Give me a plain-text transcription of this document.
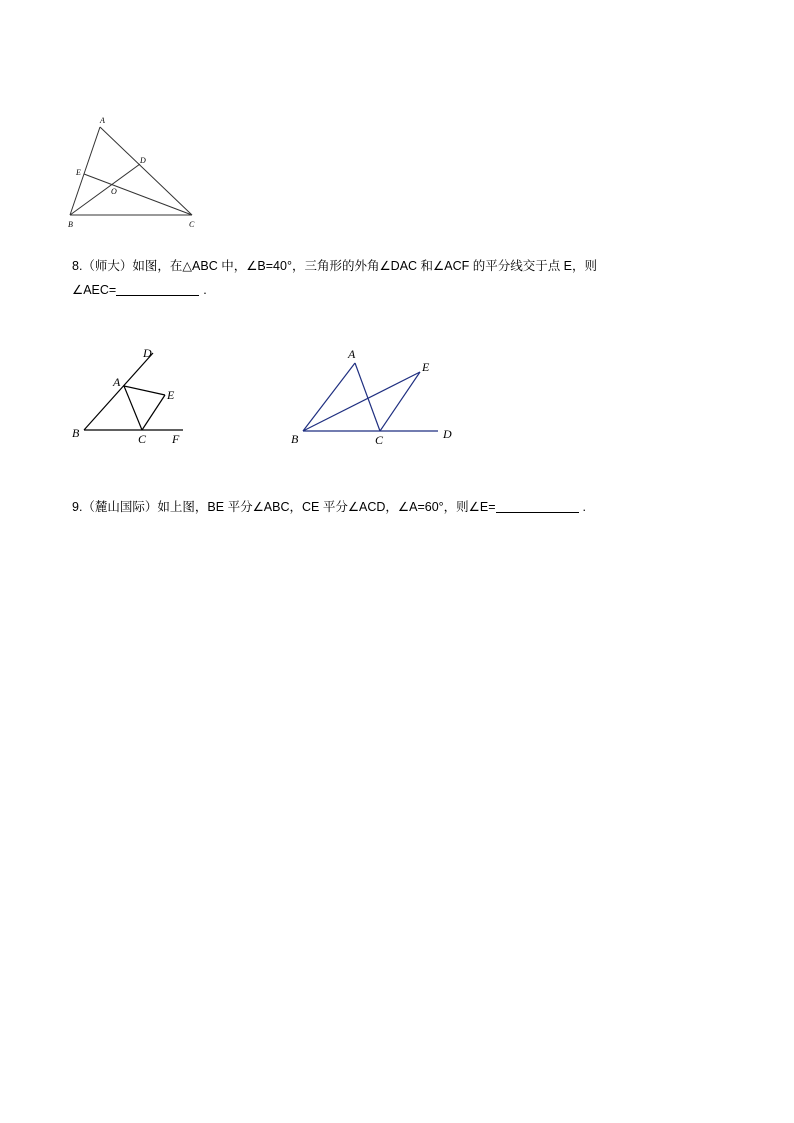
A
D
E
O
B	C
8.（师大）如图，在△ABC 中，∠B=40°，三角形的外角∠DAC 和∠ACF 的平分线交于点 E，则
∠AEC=	.
D
A
E
B	C F
A
E
B	C	D
9.（麓山国际）如上图，BE 平分∠ABC，CE 平分∠ACD，∠A=60°，则∠E=	.
